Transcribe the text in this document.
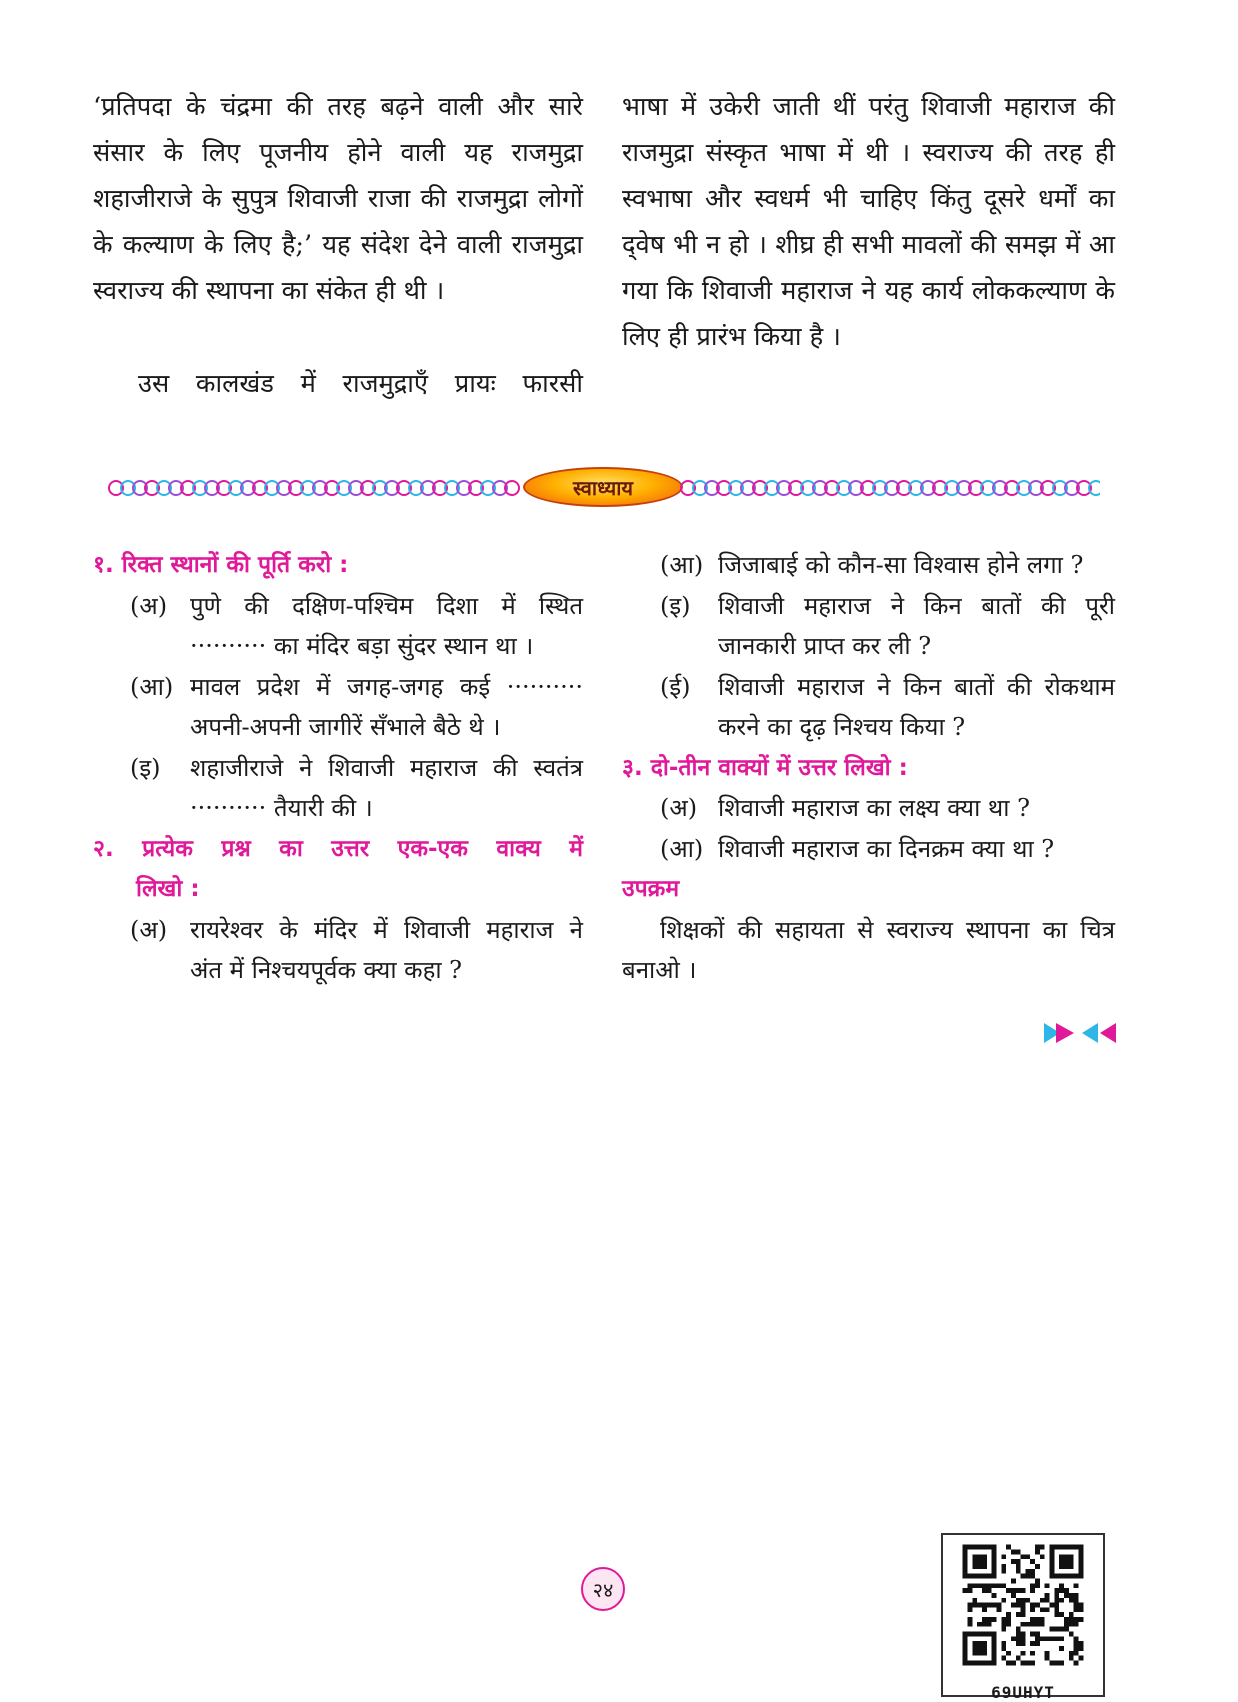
‘प्रतिपदा के चंद्रमा की तरह बढ़ने वाली और सारे संसार के लिए पूजनीय होने वाली यह राजमुद्रा शहाजीराजे के सुपुत्र शिवाजी राजा की राजमुद्रा लोगों के कल्याण के लिए है;’ यह संदेश देने वाली राजमुद्रा स्वराज्य की स्थापना का संकेत ही थी ।
उस कालखंड में राजमुद्राएँ प्रायः फारसी
भाषा में उकेरी जाती थीं परंतु शिवाजी महाराज की राजमुद्रा संस्कृत भाषा में थी । स्वराज्य की तरह ही स्वभाषा और स्वधर्म भी चाहिए किंतु दूसरे धर्मों का द्‌वेष भी न हो । शीघ्र ही सभी मावलों की समझ में आ गया कि शिवाजी महाराज ने यह कार्य लोककल्याण के लिए ही प्रारंभ किया है ।
स्वाध्याय
१. रिक्त स्थानों की पूर्ति करो :
(अ) पुणे की दक्षिण-पश्चिम दिशा में स्थित
·········· का मंदिर बड़ा सुंदर स्थान था ।
(आ) मावल प्रदेश में जगह-जगह कई ··········
अपनी-अपनी जागीरें सँभाले बैठे थे ।
(इ)	शहाजीराजे ने शिवाजी महाराज की स्वतंत्र
·········· तैयारी की ।
२. प्रत्येक प्रश्न का उत्तर एक-एक वाक्य में
लिखो :
(अ) रायरेश्वर के मंदिर में शिवाजी महाराज ने
अंत में निश्चयपूर्वक क्या कहा ?
(आ) जिजाबाई को कौन-सा विश्वास होने लगा ?
(इ)	शिवाजी महाराज ने किन बातों की पूरी
जानकारी प्राप्त कर ली ?
(ई)	शिवाजी महाराज ने किन बातों की रोकथाम
करने का दृढ़ निश्चय किया ?
३. दो-तीन वाक्यों में उत्तर लिखो :
(अ) शिवाजी महाराज का लक्ष्य क्या था ?
(आ) शिवाजी महाराज का दिनक्रम क्या था ?
उपक्रम
शिक्षकों की सहायता से स्वराज्य स्थापना का चित्र बनाओ ।
69UHYT
२४
